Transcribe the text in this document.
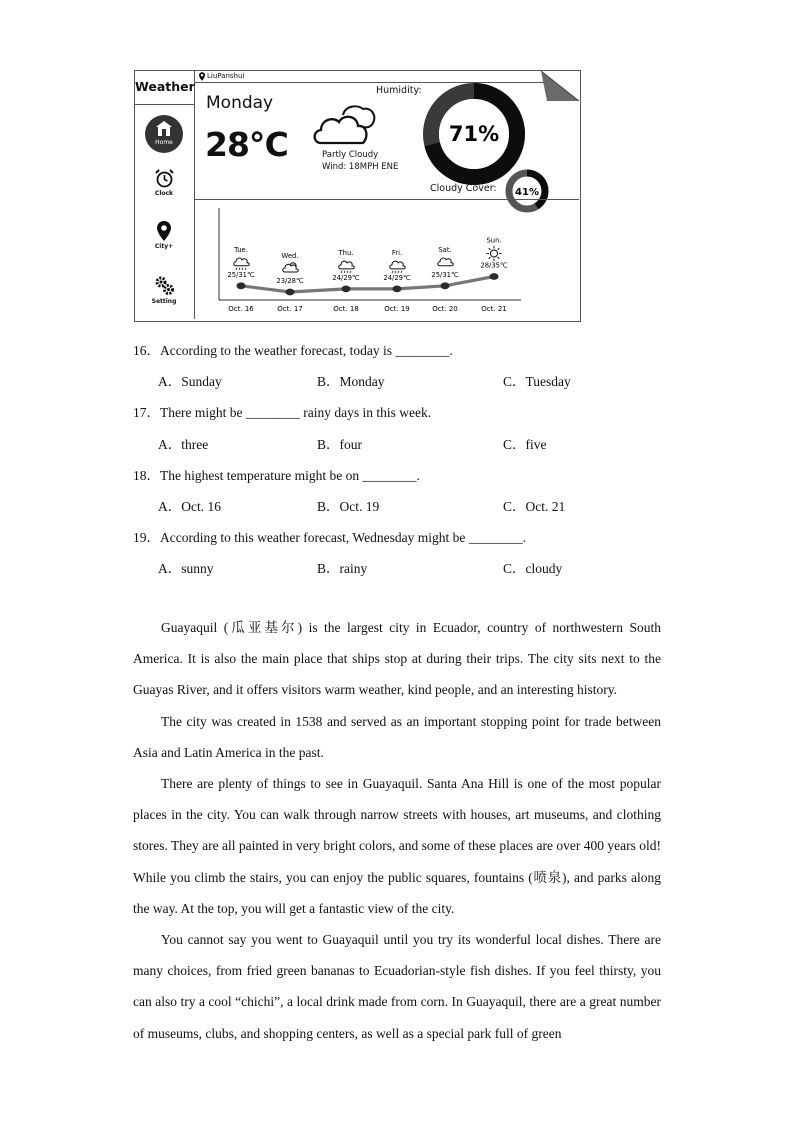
Weather
Home
Clock
City+
Setting
LiuPanshui
Monday
28℃	Partly Cloudy
Wind: 18MPH ENE
Humidity:
71%
Cloudy Cover: 41%
25/31℃
Tue.
Oct. 16
23/28℃
Wed.
Oct. 17
24/29℃
Thu.
Oct. 18
24/29℃
Fri.
Oct. 19
25/31℃
Sat.
Oct. 20
28/35℃
Sun.
Oct. 21
16．According to the weather forecast, today is ________.
A．Sunday	B．Monday	C．Tuesday
17．There might be ________ rainy days in this week.
A．three	B．four	C．five
18．The highest temperature might be on ________.
A．Oct. 16	B．Oct. 19	C．Oct. 21
19．According to this weather forecast, Wednesday might be ________.
A．sunny	B．rainy	C．cloudy

Guayaquil (瓜亚基尔) is the largest city in Ecuador, country of northwestern South America. It is also the main place that ships stop at during their trips. The city sits next to the Guayas River, and it offers visitors warm weather, kind people, and an interesting history.

The city was created in 1538 and served as an important stopping point for trade between Asia and Latin America in the past.

There are plenty of things to see in Guayaquil. Santa Ana Hill is one of the most popular places in the city. You can walk through narrow streets with houses, art museums, and clothing stores. They are all painted in very bright colors, and some of these places are over 400 years old! While you climb the stairs, you can enjoy the public squares, fountains (喷泉), and parks along the way. At the top, you will get a fantastic view of the city.

You cannot say you went to Guayaquil until you try its wonderful local dishes. There are many choices, from fried green bananas to Ecuadorian-style fish dishes. If you feel thirsty, you can also try a cool “chichi”, a local drink made from corn. In Guayaquil, there are a great number of museums, clubs, and shopping centers, as well as a special park full of green
